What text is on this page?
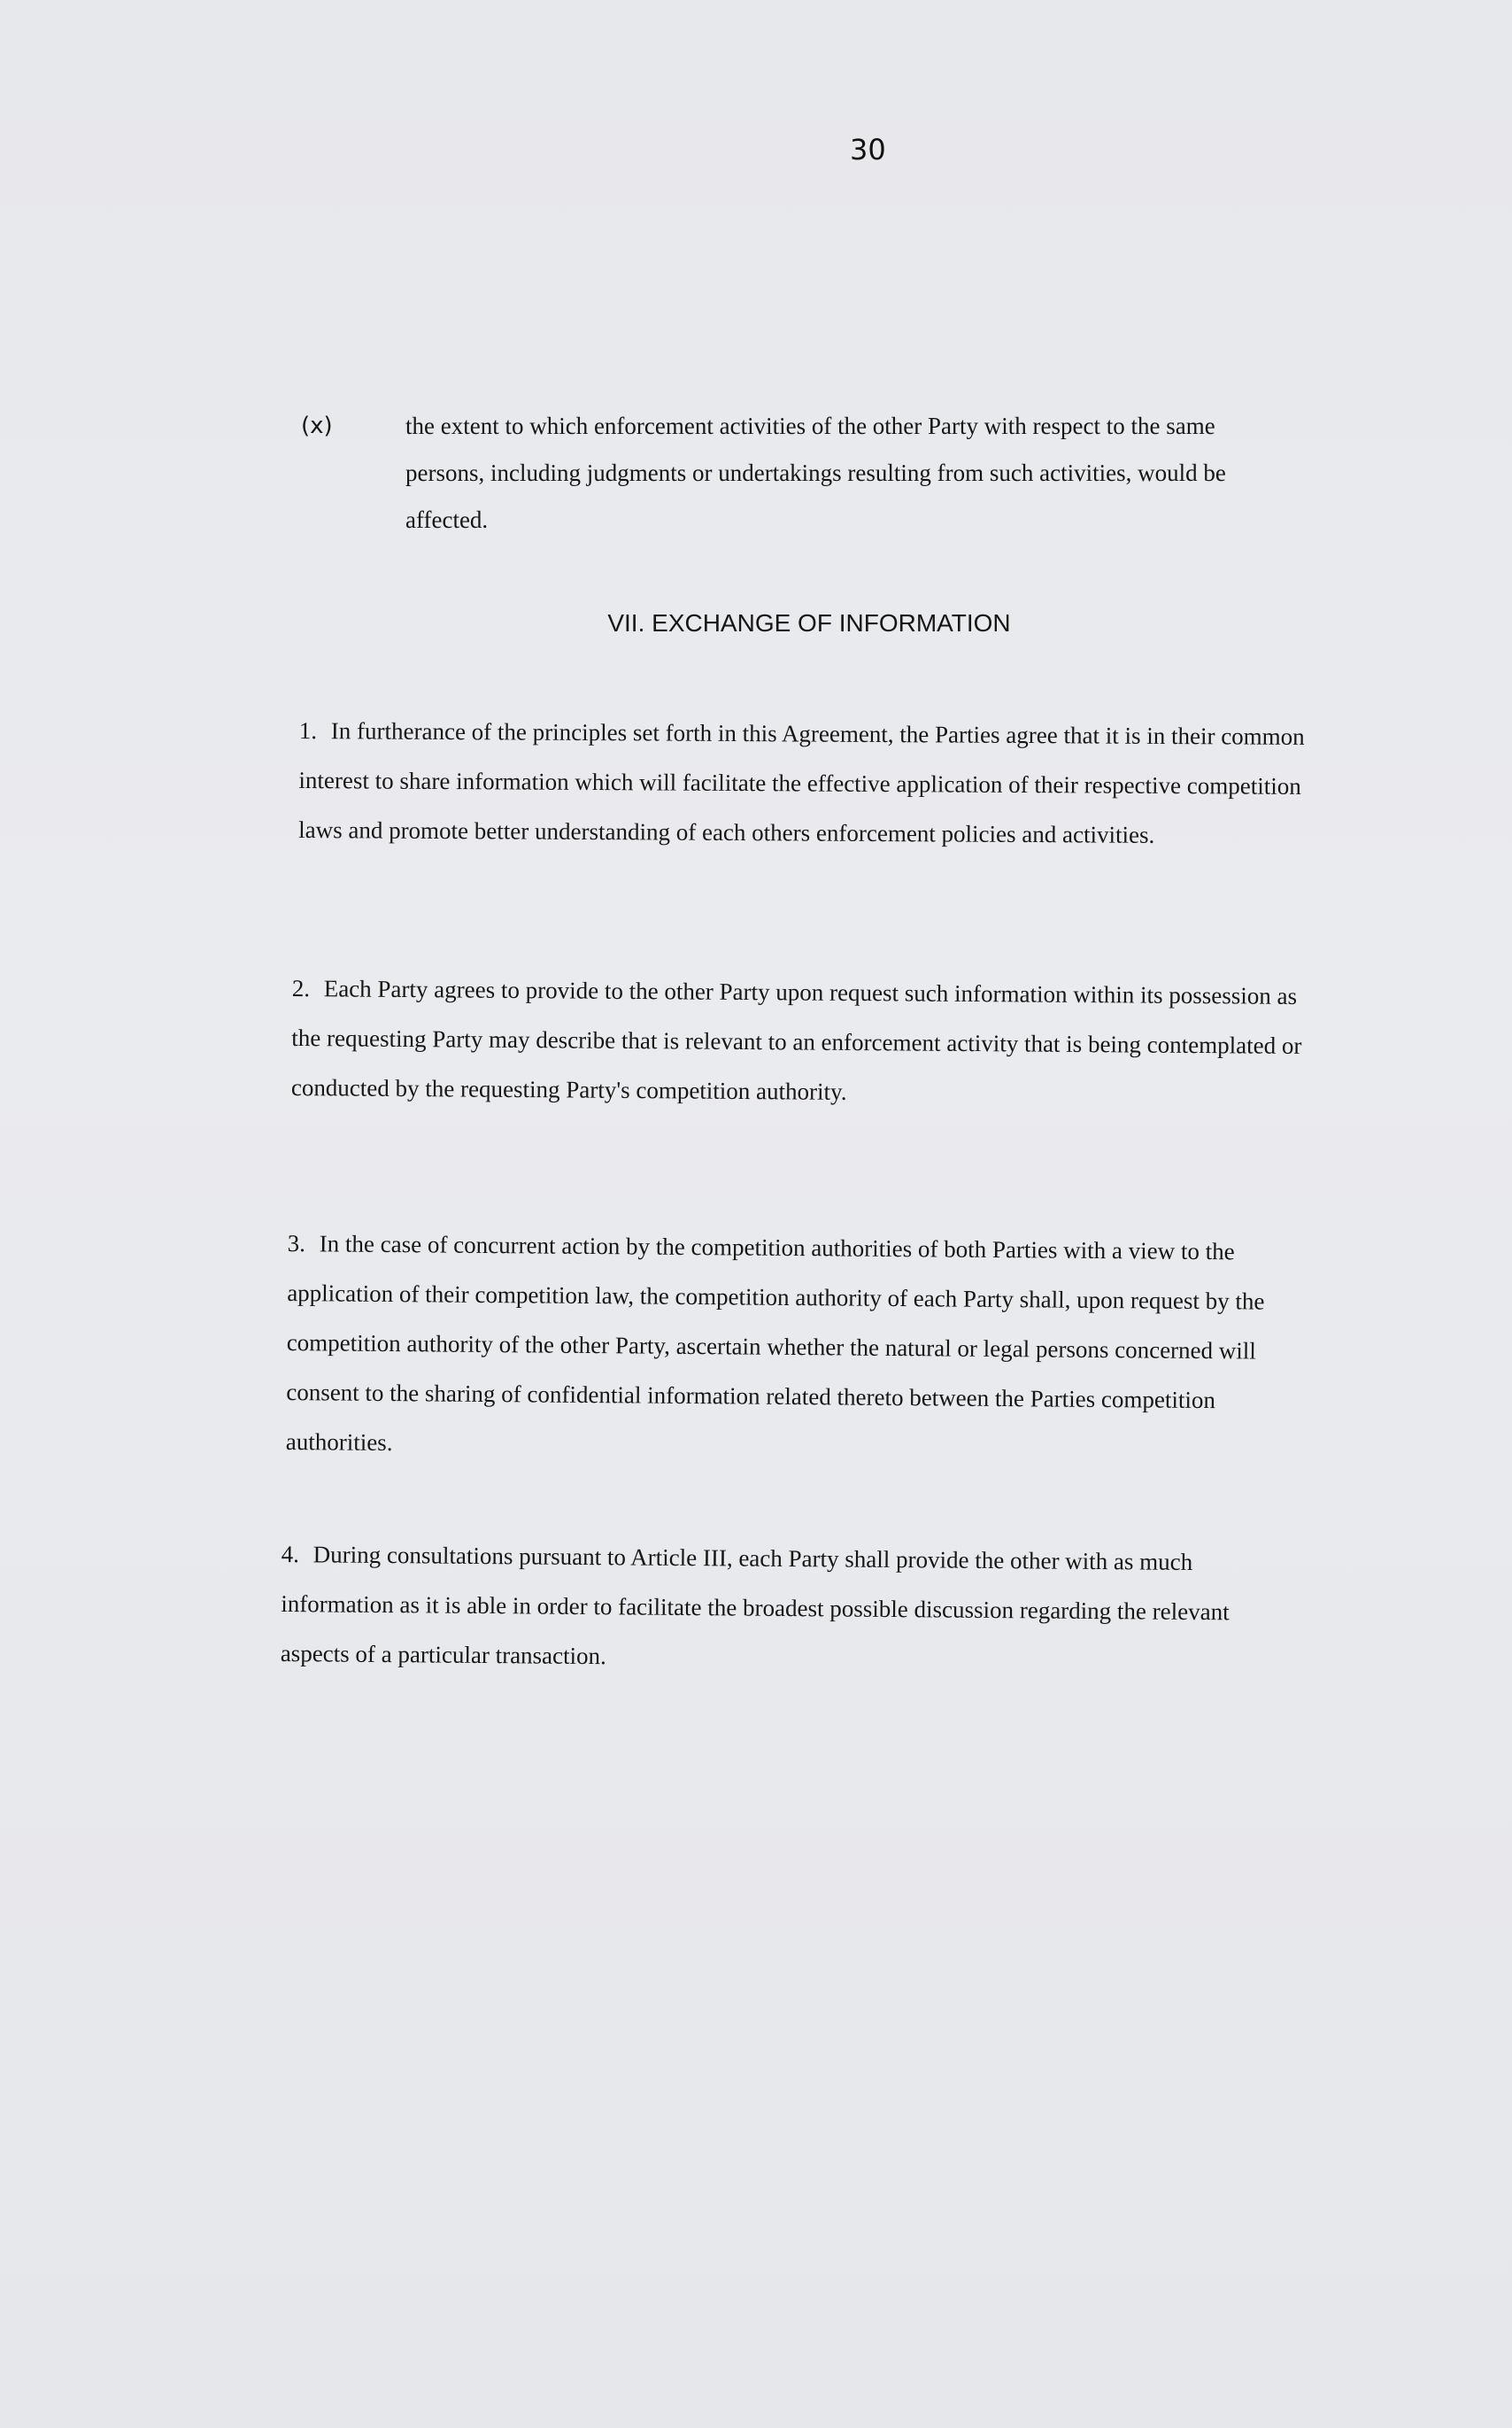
30
(x)	the extent to which enforcement activities of the other Party with respect to the same persons, including judgments or undertakings resulting from such activities, would be affected.
VII. EXCHANGE OF INFORMATION
1. In furtherance of the principles set forth in this Agreement, the Parties agree that it is in their common interest to share information which will facilitate the effective application of their respective competition laws and promote better understanding of each others enforcement policies and activities.
2. Each Party agrees to provide to the other Party upon request such information within its possession as the requesting Party may describe that is relevant to an enforcement activity that is being contemplated or conducted by the requesting Party's competition authority.
3. In the case of concurrent action by the competition authorities of both Parties with a view to the application of their competition law, the competition authority of each Party shall, upon request by the competition authority of the other Party, ascertain whether the natural or legal persons concerned will consent to the sharing of confidential information related thereto between the Parties competition authorities.
4. During consultations pursuant to Article III, each Party shall provide the other with as much information as it is able in order to facilitate the broadest possible discussion regarding the relevant aspects of a particular transaction.
